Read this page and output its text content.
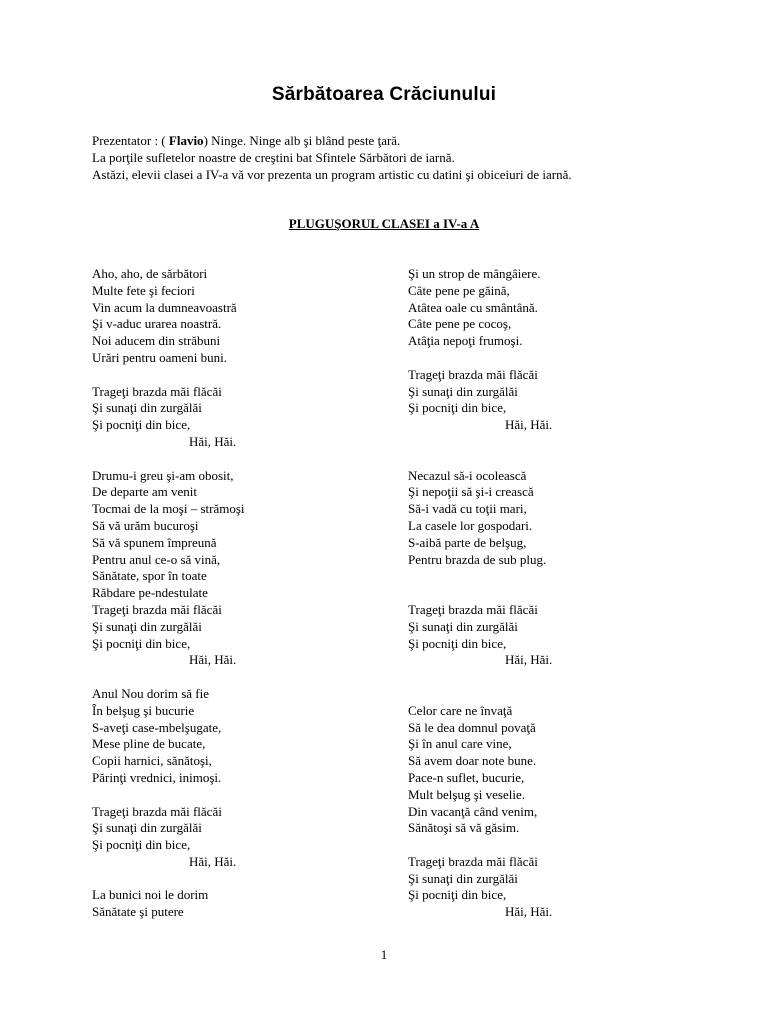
Sărbătoarea Crăciunului
Prezentator : ( Flavio) Ninge. Ninge alb şi blând peste ţară.
La porţile sufletelor noastre de creştini bat Sfintele Sărbători de iarnă.
Astăzi, elevii clasei a IV-a vă vor prezenta un program artistic cu datini şi obiceiuri de iarnă.
PLUGUŞORUL CLASEI a IV-a A
Aho, aho, de sărbători
Multe fete şi feciori
Vin acum la dumneavoastră
Şi v-aduc urarea noastră.
Noi aducem din străbuni
Urări pentru oameni buni.
Trageţi brazda măi flăcăi
Şi sunaţi din zurgălăi
Şi pocniţi din bice,
Hăi, Hăi.
Drumu-i greu şi-am obosit,
De departe am venit
Tocmai de la moşi – strămoşi
Să vă urăm bucuroşi
Să vă spunem împreună
Pentru anul ce-o să vină,
Sănătate, spor în toate
Răbdare pe-ndestulate
Trageţi brazda măi flăcăi
Şi sunaţi din zurgălăi
Şi pocniţi din bice,
Hăi, Hăi.
Anul Nou dorim să fie
În belşug şi bucurie
S-aveţi case-mbelşugate,
Mese pline de bucate,
Copii harnici, sănătoşi,
Părinţi vrednici, inimoşi.
Trageţi brazda măi flăcăi
Şi sunaţi din zurgălăi
Şi pocniţi din bice,
Hăi, Hăi.
La bunici noi le dorim
Sănătate şi putere
Şi un strop de mângâiere.
Câte pene pe găină,
Atâtea oale cu smântână.
Câte pene pe cocoş,
Atâţia nepoţi frumoşi.
Trageţi brazda măi flăcăi
Şi sunaţi din zurgălăi
Şi pocniţi din bice,
Hăi, Hăi.
Necazul să-i ocolească
Şi nepoţii să şi-i crească
Să-i vadă cu toţii mari,
La casele lor gospodari.
S-aibă parte de belşug,
Pentru brazda de sub plug.
Trageţi brazda măi flăcăi
Şi sunaţi din zurgălăi
Şi pocniţi din bice,
Hăi, Hăi.
Celor care ne învaţă
Să le dea domnul povaţă
Şi în anul care vine,
Să avem doar note bune.
Pace-n suflet, bucurie,
Mult belşug şi veselie.
Din vacanţă când venim,
Sănătoşi să vă găsim.
Trageţi brazda măi flăcăi
Şi sunaţi din zurgălăi
Şi pocniţi din bice,
Hăi, Hăi.
1
